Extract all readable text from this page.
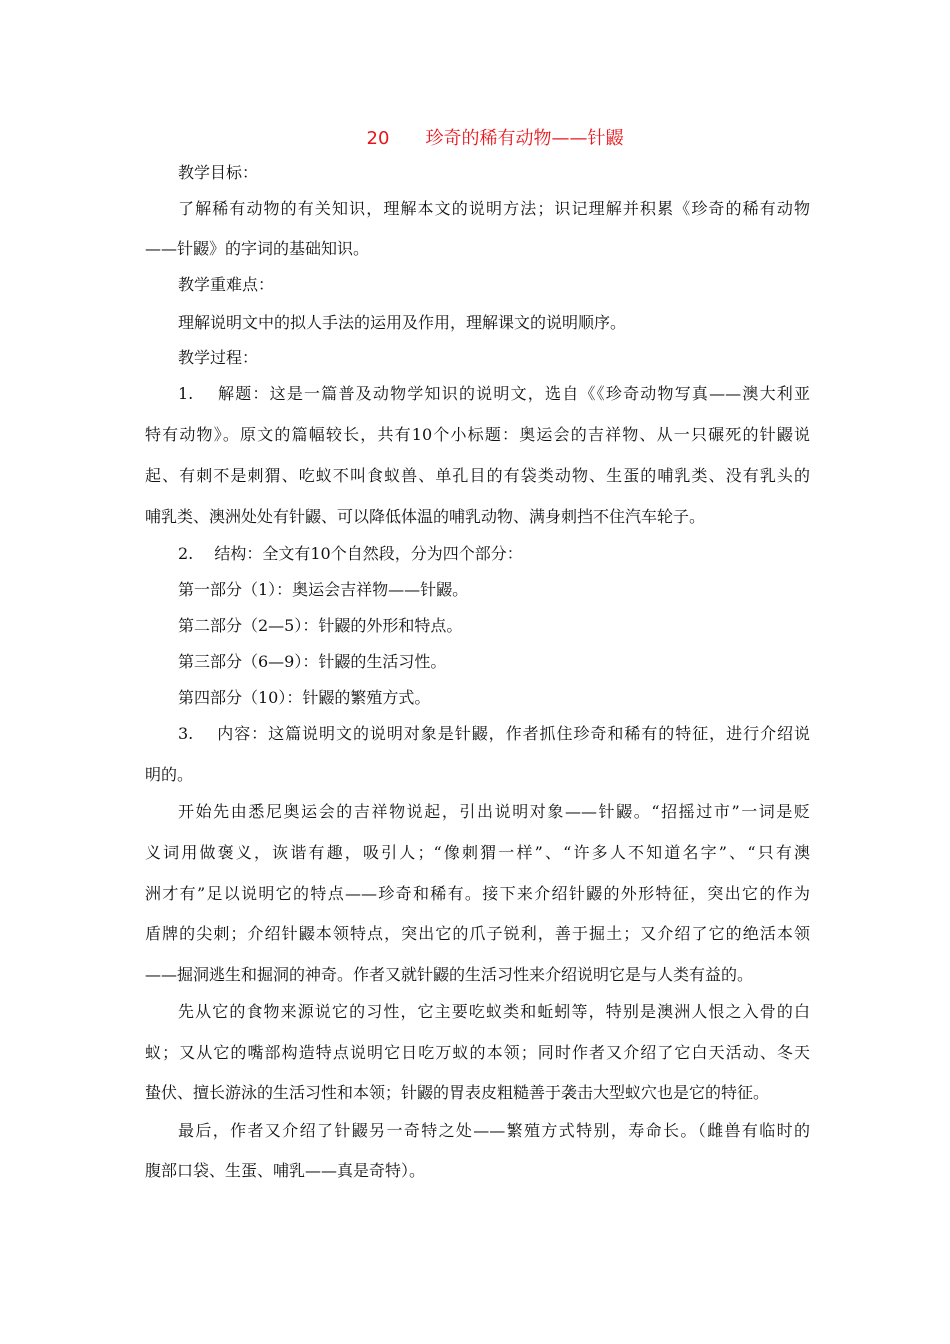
20　　珍奇的稀有动物——针鼹
教学目标：
了解稀有动物的有关知识，理解本文的说明方法；识记理解并积累《珍奇的稀有动物
——针鼹》的字词的基础知识。
教学重难点：
理解说明文中的拟人手法的运用及作用，理解课文的说明顺序。
教学过程：
1.　 解题：这是一篇普及动物学知识的说明文，选自《《珍奇动物写真——澳大利亚
特有动物》。原文的篇幅较长，共有10个小标题：奥运会的吉祥物、从一只碾死的针鼹说
起、有刺不是刺猬、吃蚁不叫食蚁兽、单孔目的有袋类动物、生蛋的哺乳类、没有乳头的
哺乳类、澳洲处处有针鼹、可以降低体温的哺乳动物、满身刺挡不住汽车轮子。
2.　 结构：全文有10个自然段，分为四个部分：
第一部分（1）：奥运会吉祥物——针鼹。
第二部分（2—5）：针鼹的外形和特点。
第三部分（6—9）：针鼹的生活习性。
第四部分（10）：针鼹的繁殖方式。
3.　 内容：这篇说明文的说明对象是针鼹，作者抓住珍奇和稀有的特征，进行介绍说
明的。
开始先由悉尼奥运会的吉祥物说起，引出说明对象——针鼹。“招摇过市”一词是贬
义词用做褒义，诙谐有趣，吸引人；“像刺猬一样”、“许多人不知道名字”、“只有澳
洲才有”足以说明它的特点——珍奇和稀有。接下来介绍针鼹的外形特征，突出它的作为
盾牌的尖刺；介绍针鼹本领特点，突出它的爪子锐利，善于掘土；又介绍了它的绝活本领
——掘洞逃生和掘洞的神奇。作者又就针鼹的生活习性来介绍说明它是与人类有益的。
先从它的食物来源说它的习性，它主要吃蚁类和蚯蚓等，特别是澳洲人恨之入骨的白
蚁；又从它的嘴部构造特点说明它日吃万蚁的本领；同时作者又介绍了它白天活动、冬天
蛰伏、擅长游泳的生活习性和本领；针鼹的胃表皮粗糙善于袭击大型蚁穴也是它的特征。
最后，作者又介绍了针鼹另一奇特之处——繁殖方式特别，寿命长。（雌兽有临时的
腹部口袋、生蛋、哺乳——真是奇特）。
